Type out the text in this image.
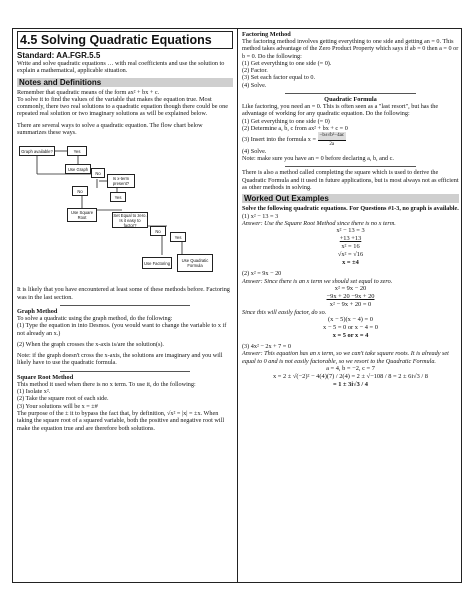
4.5 Solving Quadratic Equations
Standard: AA.FGR.5.5

Write and solve quadratic equations … with real coefficients and use the solution to explain a mathematical, applicable situation.

Notes and Definitions

Remember that quadratic means of the form ax² + bx + c.

To solve it to find the values of the variable that makes the equation true. Most commonly, there two real solutions to a quadratic equation though there could be one repeated real solution or two imaginary solutions as will be explained below.

There are several ways to solve a quadratic equation. The flow chart below summarizes these ways.

Graph available?	Yes
Use Graph
No
Is x-term present?
No
Yes
Use Square Root	Set Equal to zero. Is it easy to factor?
No
Yes
Use Factoring	Use Quadratic Formula

It is likely that you have encountered at least some of these methods before. Factoring was in the last section.

Graph Method

To solve a quadratic using the graph method, do the following:

(1) Type the equation in into Desmos. (you would want to change the variable to x if not already an x.)

(2) When the graph crosses the x-axis is/are the solution(s).

Note: if the graph doesn't cross the x-axis, the solutions are imaginary and you will likely have to use the quadratic formula.

Square Root Method

This method it used when there is no x term. To use it, do the following:

(1) Isolate x².

(2) Take the square root of each side.

(3) Your solutions will be x = ±#

The purpose of the ± it to bypass the fact that, by definition, √x² = |x| = ±x. When taking the square root of a squared variable, both the positive and negative root will make the equation true and are therefore both solutions.

Factoring Method

The factoring method involves getting everything to one side and getting an = 0. This method takes advantage of the Zero Product Property which says if ab = 0 then a = 0 or b = 0. Do the following:

(1) Get everything to one side (= 0).

(2) Factor.

(3) Set each factor equal to 0.

(4) Solve.

Quadratic Formula

Like factoring, you need an = 0. This is often seen as a "last resort", but has the advantage of working for any quadratic equation. Do the following:

(1) Get everything to one side (= 0)

(2) Determine a, b, c from ax² + bx + c = 0

(3) Insert into the formula $x = \frac{\text{−b±√b²−4ac}}{2a}$

(4) Solve.

Note: make sure you have an = 0 before declaring a, b, and c.

There is also a method called completing the square which is used to derive the Quadratic Formula and it used in future applications, but is most always not as efficient as other methods in solving.

Worked Out Examples

Solve the following quadratic equations. For Questions #1-3, no graph is available.

(1) x² − 13 = 3

Answer: Use the Square Root Method since there is no x term.

x² − 13 = 3

+13 +13

x² = 16

√x² = √16

x = ±4

(2) x² = 9x − 20

Answer: Since there is an x term we should set equal to zero.

x² = 9x − 20

−9x + 20 −9x + 20

x² − 9x + 20 = 0

Since this will easily factor, do so.

(x − 5)(x − 4) = 0

x − 5 = 0 or x − 4 = 0

x = 5 or x = 4

(3) 4x² − 2x + 7 = 0

Answer: This equation has an x term, so we can't take square roots. It is already set equal to 0 and is not easily factorable, so we resort to the Quadratic Formula.

a = 4, b = −2, c = 7

x = 2 ± √(−2)² − 4(4)(7) / 2(4) = 2 ± √−108 / 8 = 2 ± 6i√3 / 8

= 1 ± 3i√3 / 4
